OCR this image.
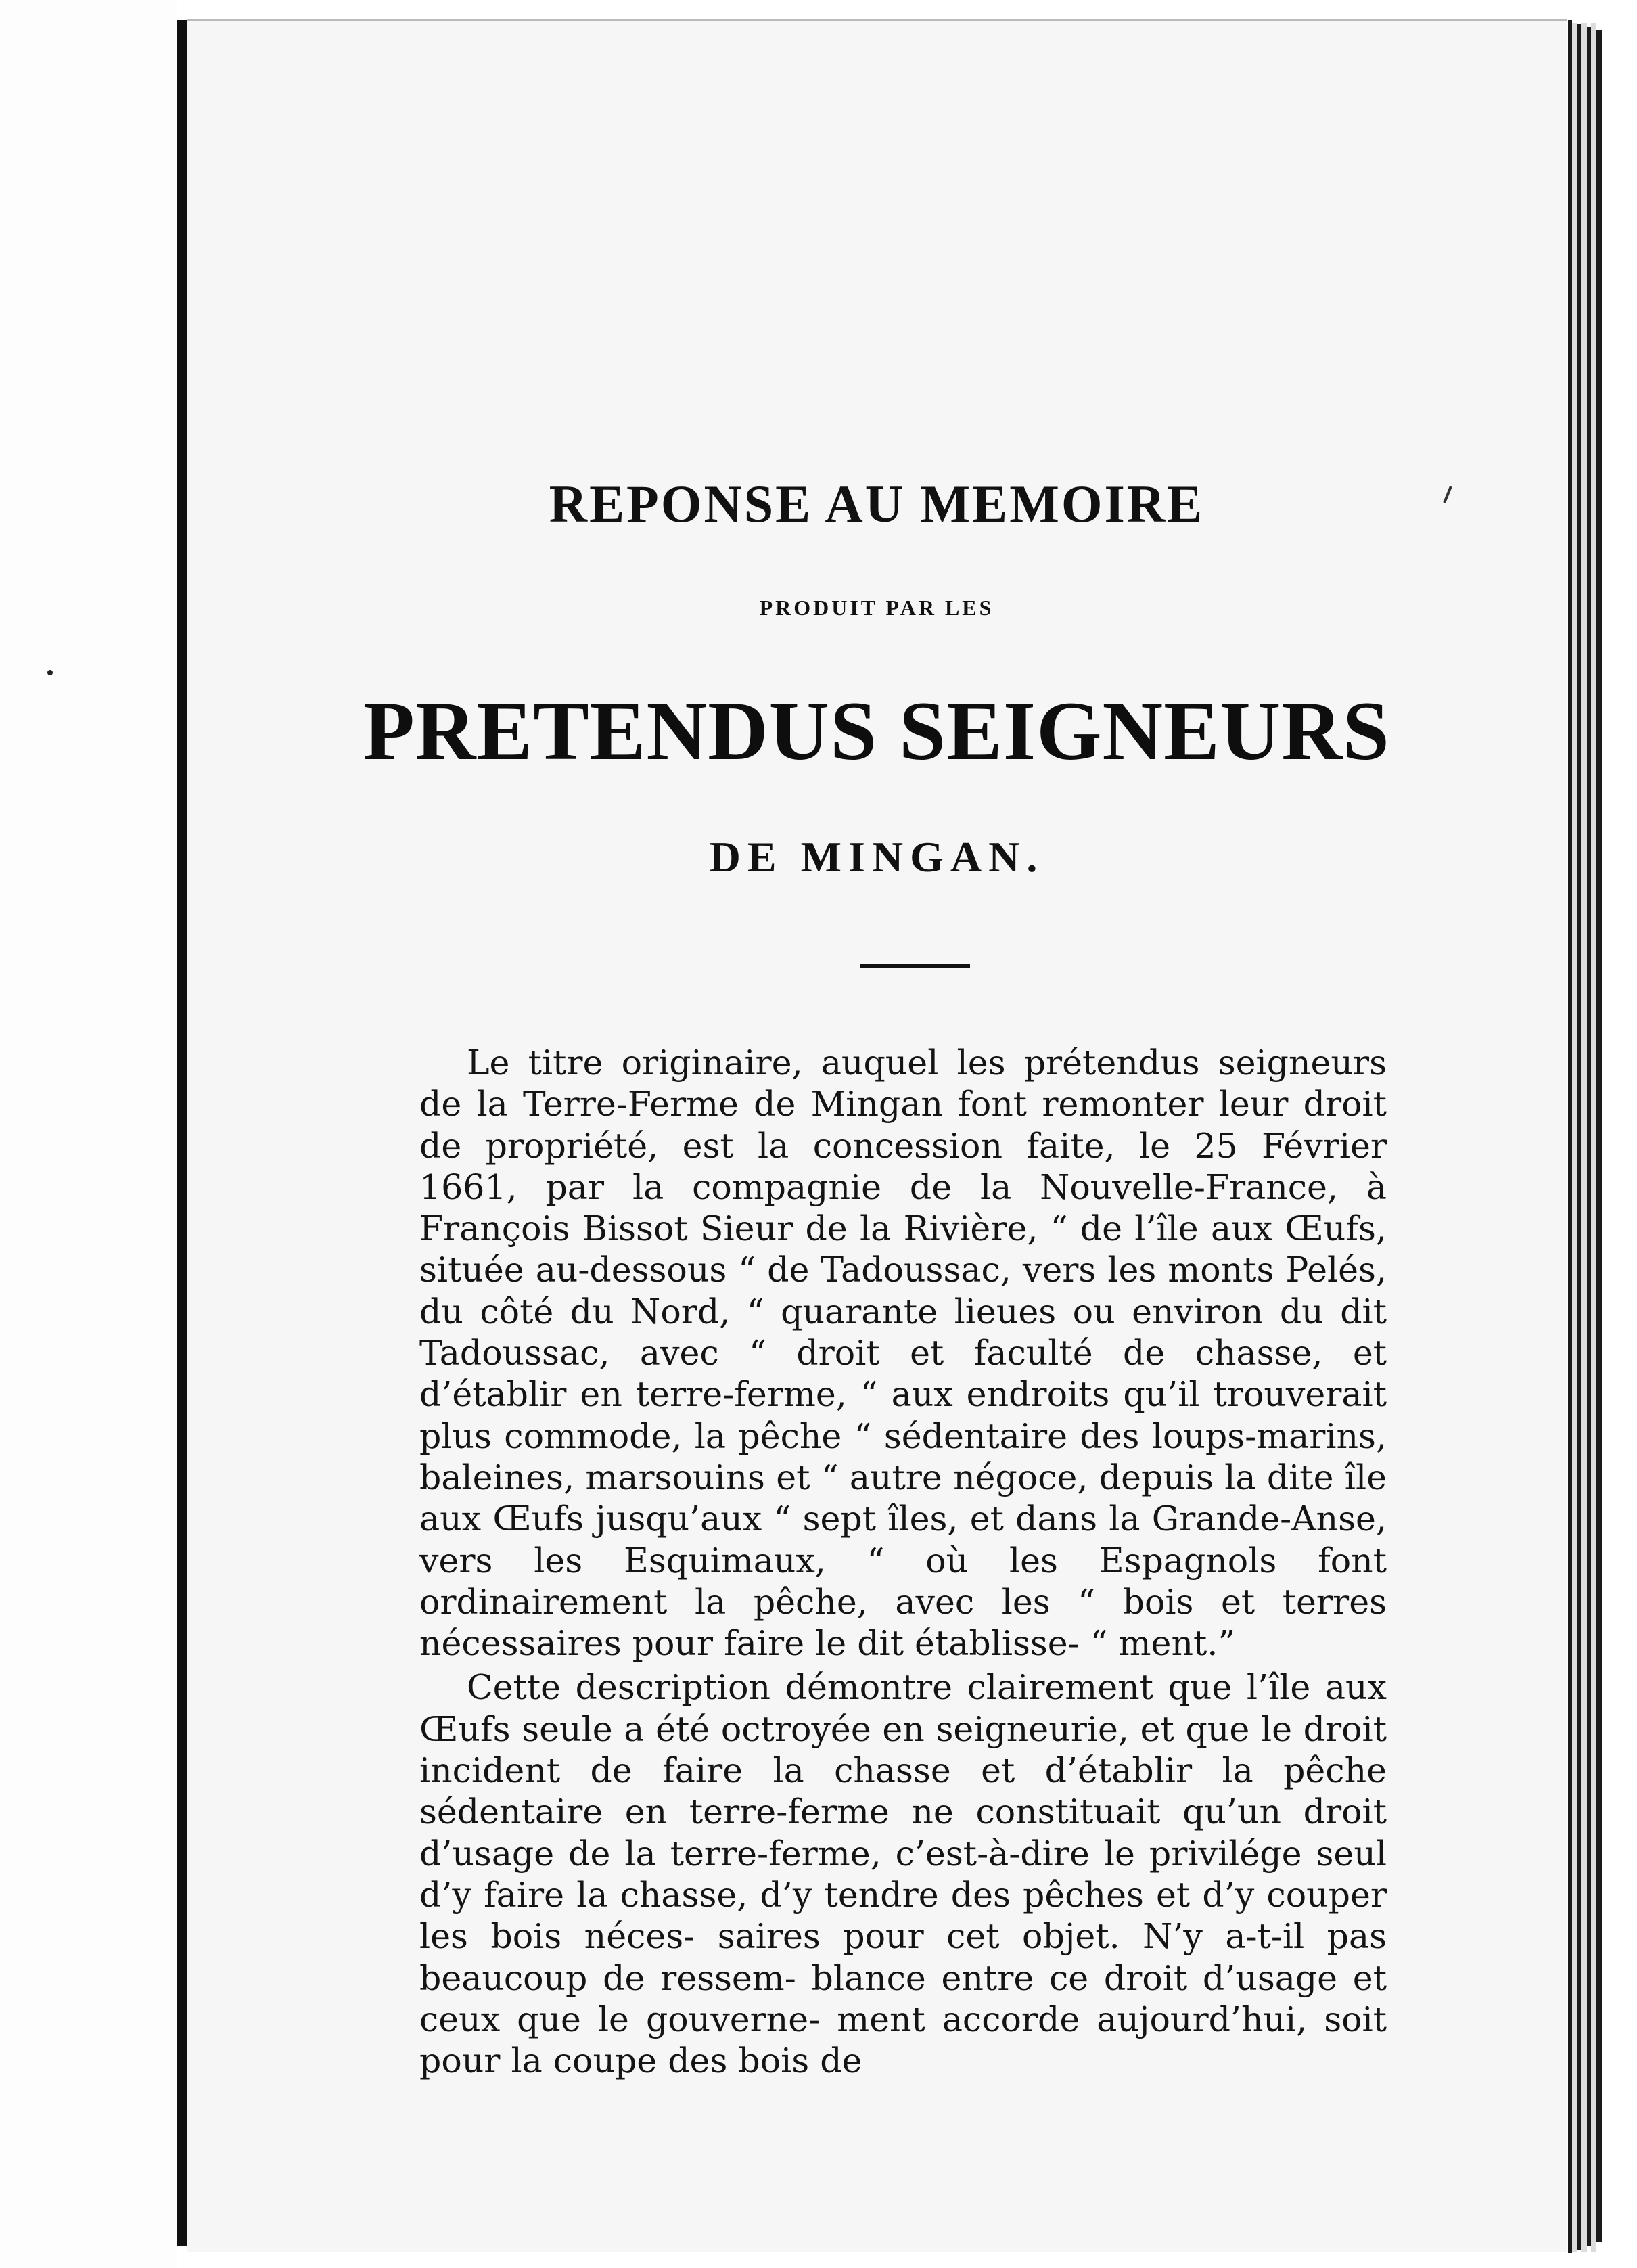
REPONSE AU MEMOIRE
PRODUIT PAR LES
PRETENDUS SEIGNEURS
DE MINGAN.

Le titre originaire, auquel les prétendus seigneurs de la Terre-Ferme de Mingan font remonter leur droit de propriété, est la concession faite, le 25 Février 1661, par la compagnie de la Nouvelle-France, à François Bissot Sieur de la Rivière, “ de l’île aux Œufs, située au-dessous “ de Tadoussac, vers les monts Pelés, du côté du Nord, “ quarante lieues ou environ du dit Tadoussac, avec “ droit et faculté de chasse, et d’établir en terre-ferme, “ aux endroits qu’il trouverait plus commode, la pêche “ sédentaire des loups-marins, baleines, marsouins et “ autre négoce, depuis la dite île aux Œufs jusqu’aux “ sept îles, et dans la Grande-Anse, vers les Esquimaux, “ où les Espagnols font ordinairement la pêche, avec les “ bois et terres nécessaires pour faire le dit établisse- “ ment.”

Cette description démontre clairement que l’île aux Œufs seule a été octroyée en seigneurie, et que le droit incident de faire la chasse et d’établir la pêche sédentaire en terre-ferme ne constituait qu’un droit d’usage de la terre-ferme, c’est-à-dire le privilége seul d’y faire la chasse, d’y tendre des pêches et d’y couper les bois néces- saires pour cet objet. N’y a-t-il pas beaucoup de ressem- blance entre ce droit d’usage et ceux que le gouverne- ment accorde aujourd’hui, soit pour la coupe des bois de
